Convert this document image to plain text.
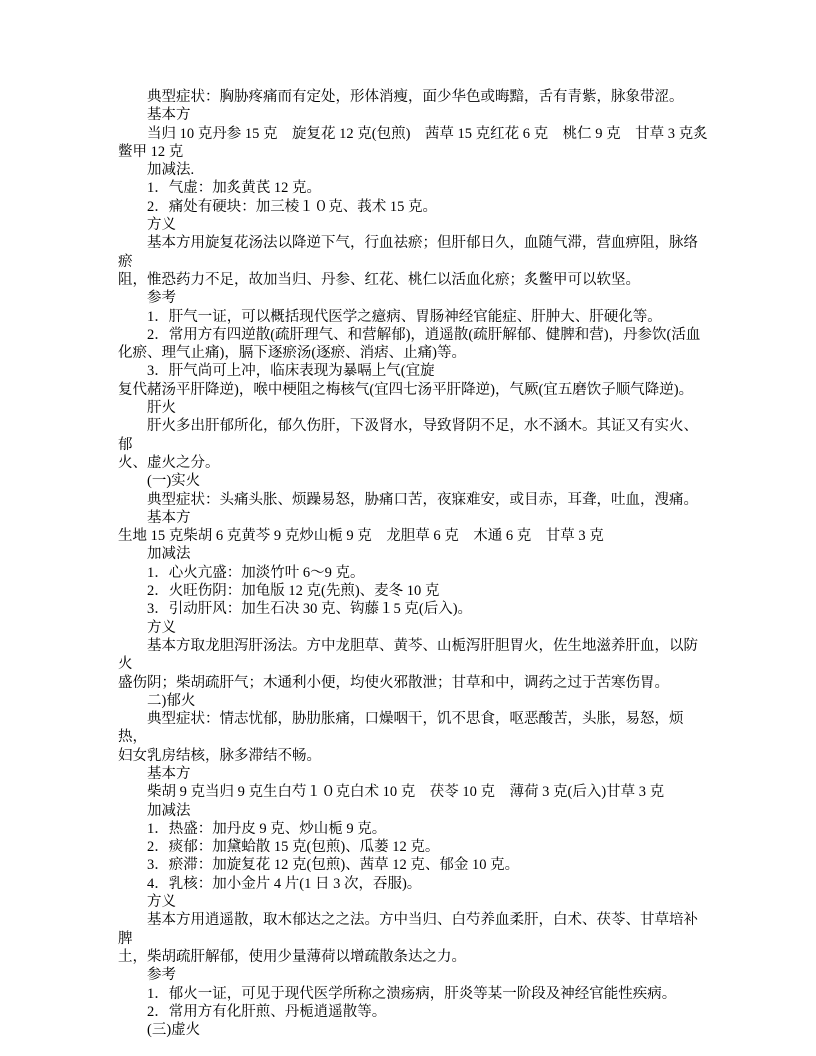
典型症状：胸胁疼痛而有定处，形体消瘦，面少华色或晦黯，舌有青紫，脉象带涩。
基本方
当归 10 克丹参 15 克　旋复花 12 克(包煎)　茜草 15 克红花 6 克　桃仁 9 克　甘草 3 克炙
鳖甲 12 克
加减法.
1．气虚：加炙黄芪 12 克。
2．痛处有硬块：加三棱１０克、莪术 15 克。
方义
基本方用旋复花汤法以降逆下气，行血祛瘀；但肝郁日久，血随气滞，营血痹阻，脉络瘀
阻，惟恐药力不足，故加当归、丹参、红花、桃仁以活血化瘀；炙鳖甲可以软坚。
参考
1．肝气一证，可以概括现代医学之癔病、胃肠神经官能症、肝肿大、肝硬化等。
2．常用方有四逆散(疏肝理气、和营解郁)，逍遥散(疏肝解郁、健脾和营)，丹参饮(活血
化瘀、理气止痛)，膈下逐瘀汤(逐瘀、消痞、止痛)等。
3．肝气尚可上冲，临床表现为暴嗝上气(宜旋
复代赭汤平肝降逆)，喉中梗阻之梅核气(宜四七汤平肝降逆)，气厥(宜五磨饮子顺气降逆)。
肝火
肝火多出肝郁所化，郁久伤肝，下汲肾水，导致肾阴不足，水不涵木。其证又有实火、郁
火、虚火之分。
(一)实火
典型症状：头痛头胀、烦躁易怒，胁痛口苦，夜寐难安，或目赤，耳聋，吐血，溲痛。
基本方
生地 15 克柴胡 6 克黄芩 9 克炒山栀 9 克　龙胆草 6 克　木通 6 克　甘草 3 克
加减法
1．心火亢盛：加淡竹叶 6～9 克。
2．火旺伤阴：加龟版 12 克(先煎)、麦冬 10 克
3．引动肝风：加生石决 30 克、钩藤１5 克(后入)。
方义
基本方取龙胆泻肝汤法。方中龙胆草、黄芩、山栀泻肝胆胃火，佐生地滋养肝血，以防火
盛伤阴；柴胡疏肝气；木通利小便，均使火邪散泄；甘草和中，调药之过于苦寒伤胃。
二)郁火
典型症状：情志忧郁，胁肋胀痛，口燥咽干，饥不思食，呕恶酸苦，头胀，易怒，烦热，
妇女乳房结核，脉多滞结不畅。
基本方
柴胡 9 克当归 9 克生白芍１０克白术 10 克　茯苓 10 克　薄荷 3 克(后入)甘草 3 克
加减法
1．热盛：加丹皮 9 克、炒山栀 9 克。
2．痰郁：加黛蛤散 15 克(包煎)、瓜蒌 12 克。
3．瘀滞：加旋复花 12 克(包煎)、茜草 12 克、郁金 10 克。
4．乳核：加小金片 4 片(1 日 3 次，吞服)。
方义
基本方用逍遥散，取木郁达之之法。方中当归、白芍养血柔肝，白术、茯苓、甘草培补脾
土，柴胡疏肝解郁，使用少量薄荷以增疏散条达之力。
参考
1．郁火一证，可见于现代医学所称之溃疡病，肝炎等某一阶段及神经官能性疾病。
2．常用方有化肝煎、丹栀逍遥散等。
(三)虚火
